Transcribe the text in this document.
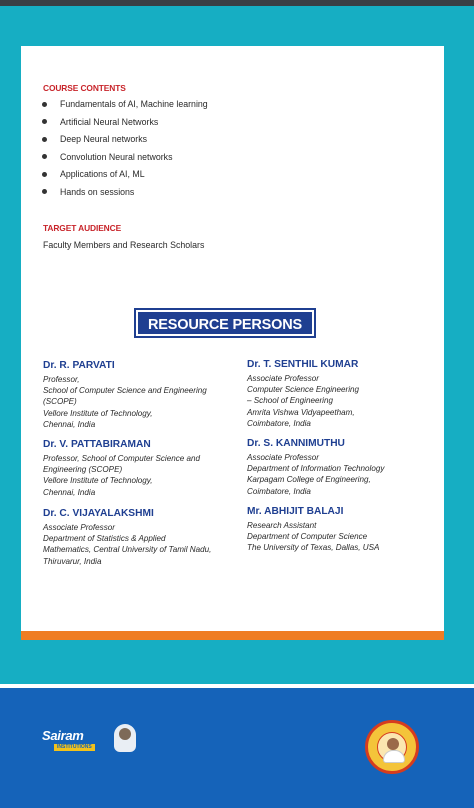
COURSE CONTENTS
Fundamentals of AI, Machine learning
Artificial Neural Networks
Deep Neural networks
Convolution Neural networks
Applications of AI, ML
Hands on sessions
TARGET AUDIENCE
Faculty Members and Research Scholars
RESOURCE PERSONS
Dr. R. PARVATI
Professor,
School of Computer Science and Engineering
(SCOPE)
Vellore Institute of Technology,
Chennai, India
Dr. V. PATTABIRAMAN
Professor, School of Computer Science and
Engineering (SCOPE)
Vellore Institute of Technology,
Chennai, India
Dr. C. VIJAYALAKSHMI
Associate Professor
Department of Statistics & Applied
Mathematics, Central University of Tamil Nadu,
Thiruvarur, India
Dr. T. SENTHIL KUMAR
Associate Professor
Computer Science Engineering
– School of Engineering
Amrita Vishwa Vidyapeetham,
Coimbatore, India
Dr. S. KANNIMUTHU
Associate Professor
Department of Information Technology
Karpagam College of Engineering,
Coimbatore, India
Mr. ABHIJIT BALAJI
Research Assistant
Department of Computer Science
The University of Texas, Dallas, USA
Sairam
INSTITUTIONS
